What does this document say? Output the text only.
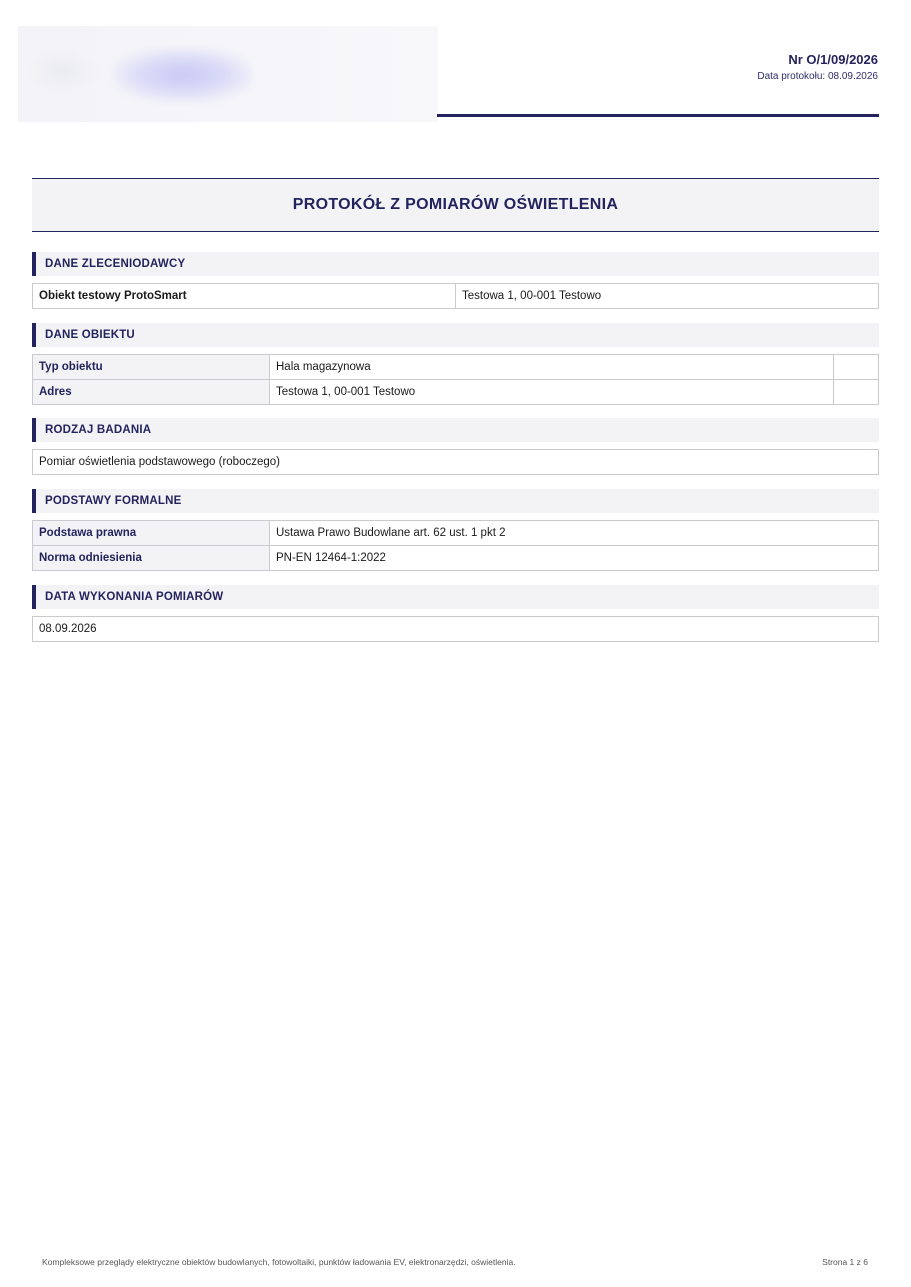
Nr O/1/09/2026
Data protokołu: 08.09.2026
PROTOKÓŁ Z POMIARÓW OŚWIETLENIA
DANE ZLECENIODAWCY
Obiekt testowy ProtoSmart	Testowa 1, 00-001 Testowo
DANE OBIEKTU
Typ obiektu	Hala magazynowa	
Adres	Testowa 1, 00-001 Testowo	
RODZAJ BADANIA
Pomiar oświetlenia podstawowego (roboczego)
PODSTAWY FORMALNE
Podstawa prawna	Ustawa Prawo Budowlane art. 62 ust. 1 pkt 2
Norma odniesienia	PN-EN 12464-1:2022
DATA WYKONANIA POMIARÓW
08.09.2026
Kompleksowe przeglądy elektryczne obiektów budowlanych, fotowoltaiki, punktów ładowania EV, elektronarzędzi, oświetlenia.	Strona 1 z 6
